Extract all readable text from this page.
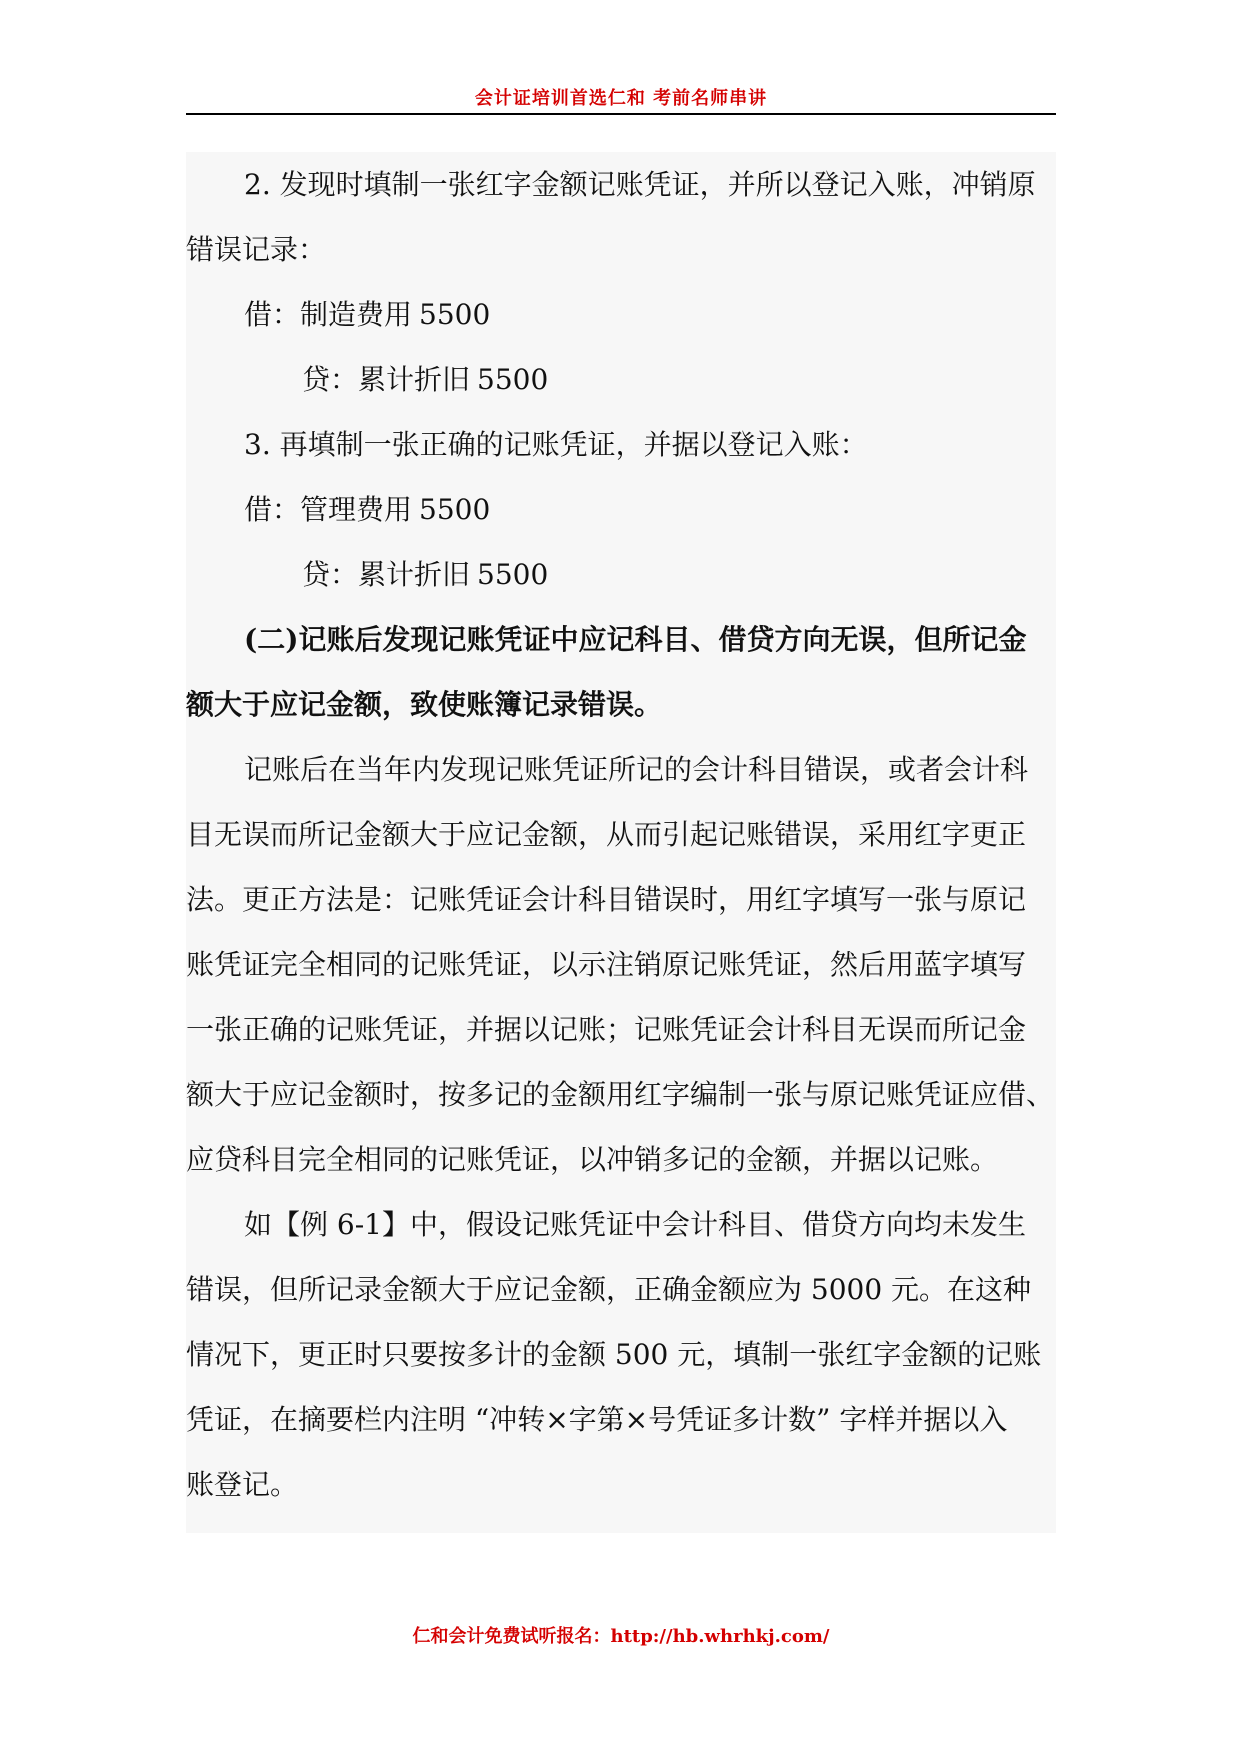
会计证培训首选仁和 考前名师串讲
2. 发现时填制一张红字金额记账凭证，并所以登记入账，冲销原
错误记录：
借：制造费用 5500
贷：累计折旧 5500
3. 再填制一张正确的记账凭证，并据以登记入账：
借：管理费用 5500
贷：累计折旧 5500
(二)记账后发现记账凭证中应记科目、借贷方向无误，但所记金
额大于应记金额，致使账簿记录错误。
记账后在当年内发现记账凭证所记的会计科目错误，或者会计科
目无误而所记金额大于应记金额，从而引起记账错误，采用红字更正
法。更正方法是：记账凭证会计科目错误时，用红字填写一张与原记
账凭证完全相同的记账凭证，以示注销原记账凭证，然后用蓝字填写
一张正确的记账凭证，并据以记账；记账凭证会计科目无误而所记金
额大于应记金额时，按多记的金额用红字编制一张与原记账凭证应借、
应贷科目完全相同的记账凭证，以冲销多记的金额，并据以记账。
如【例 6-1】中，假设记账凭证中会计科目、借贷方向均未发生
错误，但所记录金额大于应记金额，正确金额应为 5000 元。在这种
情况下，更正时只要按多计的金额 500 元，填制一张红字金额的记账
凭证，在摘要栏内注明 “冲转×字第×号凭证多计数” 字样并据以入
账登记。
仁和会计免费试听报名：http://hb.whrhkj.com/
